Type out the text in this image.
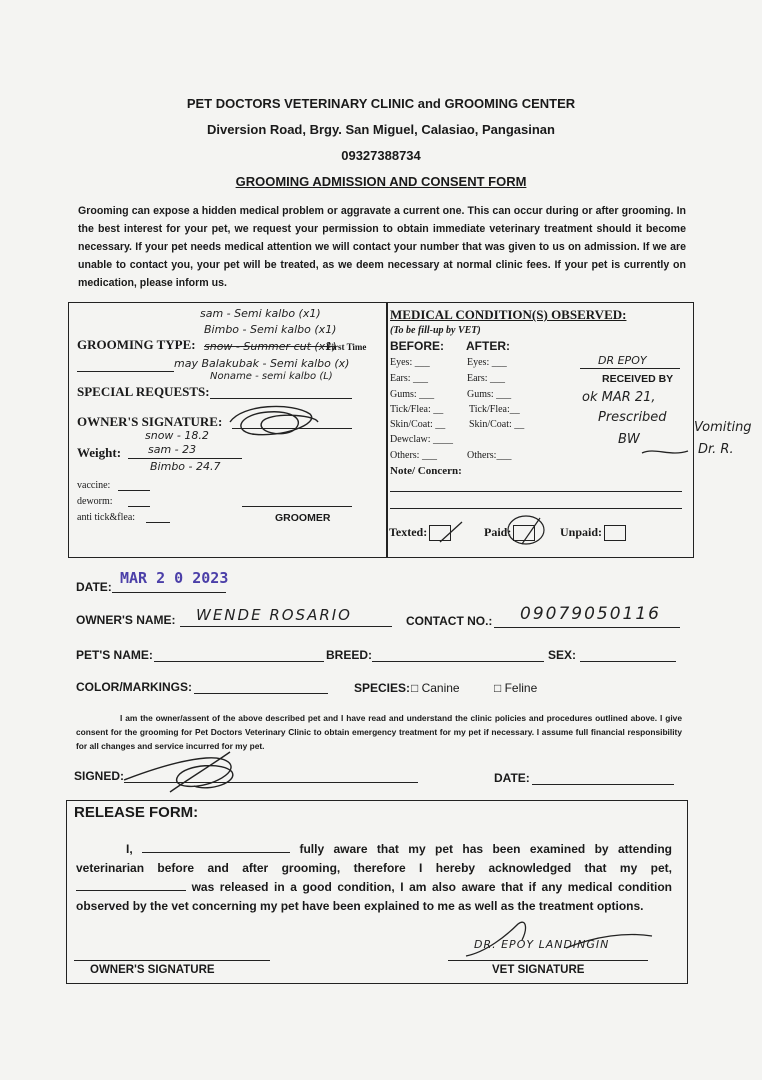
PET DOCTORS VETERINARY CLINIC and GROOMING CENTER
Diversion Road, Brgy. San Miguel, Calasiao, Pangasinan
09327388734
GROOMING ADMISSION AND CONSENT FORM
Grooming can expose a hidden medical problem or aggravate a current one. This can occur during or after grooming. In the best interest for your pet, we request your permission to obtain immediate veterinary treatment should it become necessary. If your pet needs medical attention we will contact your number that was given to us on admission. If we are unable to contact you, your pet will be treated, as we deem necessary at normal clinic fees. If your pet is currently on medication, please inform us.
GROOMING TYPE:	First Time
sam - Semi kalbo (x1)
Bimbo - Semi kalbo (x1)
snow - Summer cut (x1)
may Balakubak - Semi kalbo (x)
Noname - semi kalbo (L)
SPECIAL REQUESTS:
OWNER'S SIGNATURE:
snow - 18.2
Weight: sam - 23
Bimbo - 24.7
vaccine:
deworm:
anti tick&flea:	GROOMER
MEDICAL CONDITION(S) OBSERVED:
(To be fill-up by VET)
BEFORE: AFTER:
Eyes: ___	Eyes: ___
Ears: ___	Ears: ___
Gums: ___	Gums: ___
Tick/Flea: __	Tick/Flea:__
Skin/Coat: __ Skin/Coat: __
Dewclaw: ____
Others: ___	Others:___
Note/ Concern:
DR EPOY
RECEIVED BY
ok MAR 21,
Prescribed
BW
Vomiting
Dr. R.
Texted:	Paid:	Unpaid:
DATE: MAR 2 0 2023
OWNER'S NAME: WENDE ROSARIO	CONTACT NO.: 09079050116
PET'S NAME:	BREED:	SEX:
COLOR/MARKINGS:	SPECIES: □ Canine	□ Feline
I am the owner/assent of the above described pet and I have read and understand the clinic policies and procedures outlined above. I give consent for the grooming for Pet Doctors Veterinary Clinic to obtain emergency treatment for my pet if necessary. I assume full financial responsibility for all changes and service incurred for my pet.
SIGNED:	DATE:
RELEASE FORM:
I,	fully aware that my pet has been examined by attending veterinarian before and after grooming, therefore I hereby acknowledged that my pet,  was released in a good condition, I am also aware that if any medical condition observed by the vet concerning my pet have been explained to me as well as the treatment options.
OWNER'S SIGNATURE
DR. EPOY LANDINGIN
VET SIGNATURE
